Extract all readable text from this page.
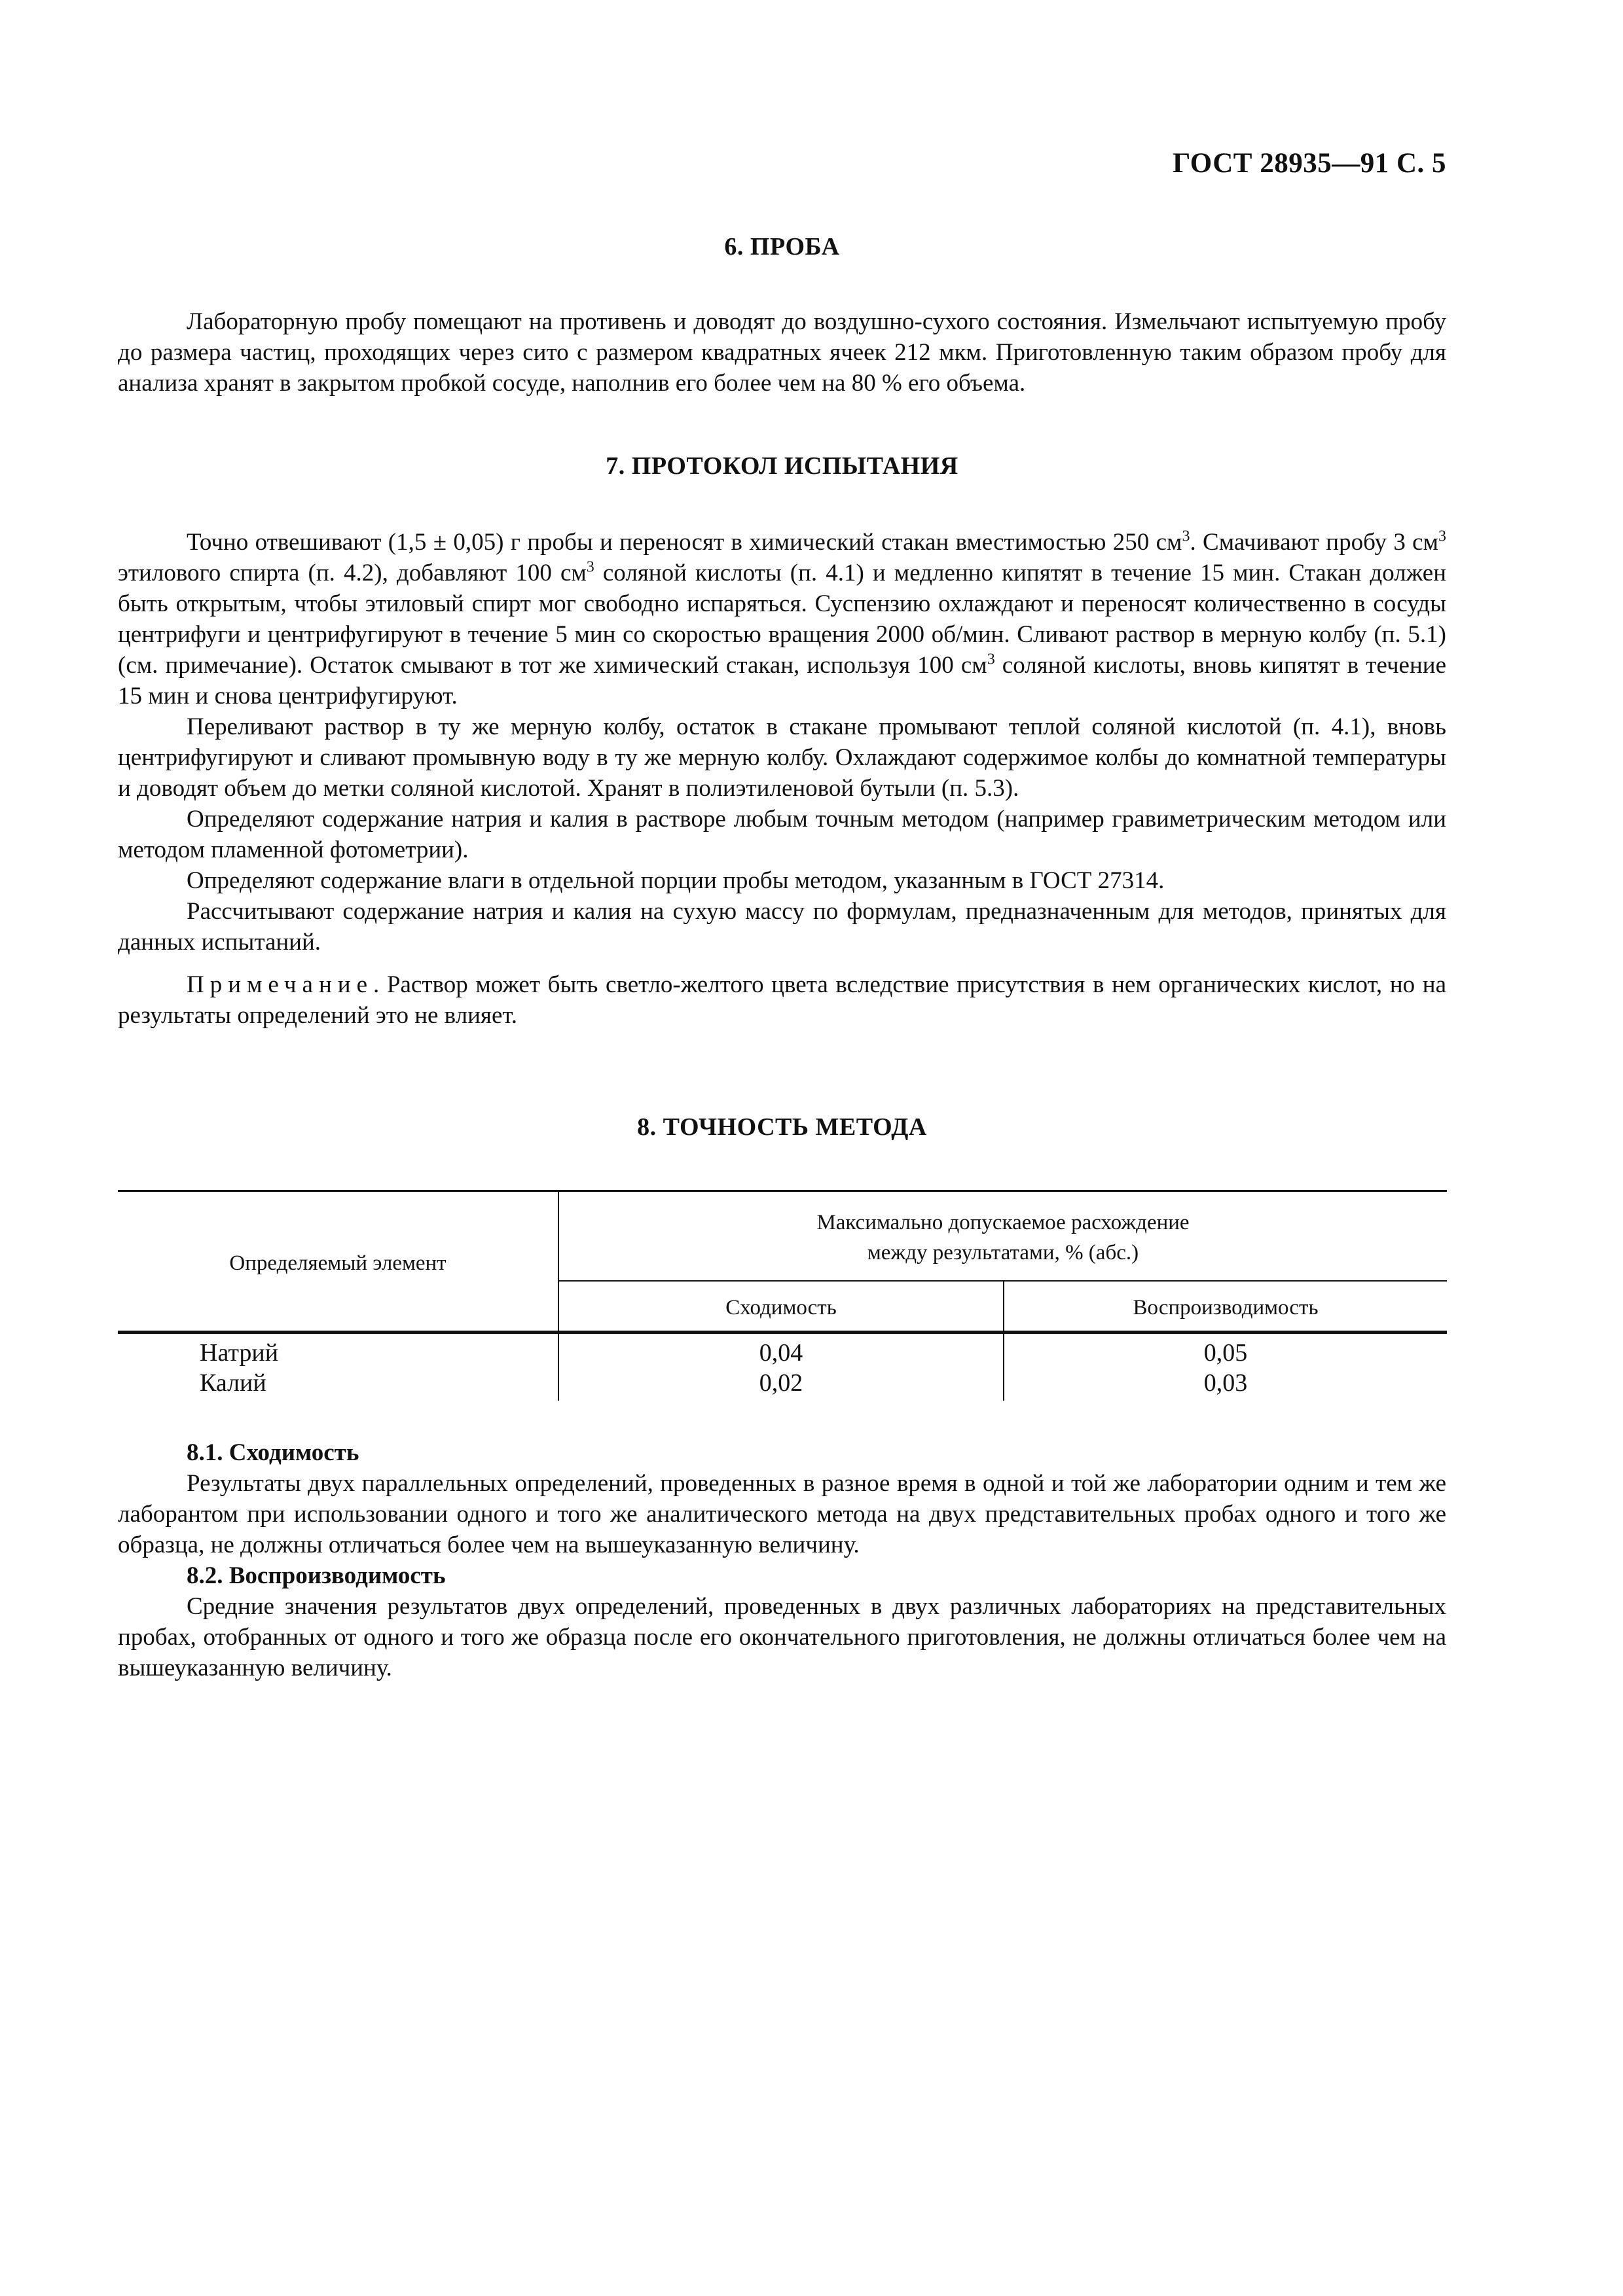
ГОСТ 28935—91 С. 5
6. ПРОБА

Лабораторную пробу помещают на противень и доводят до воздушно-сухого состояния. Измельчают испытуемую пробу до размера частиц, проходящих через сито с размером квадратных ячеек 212 мкм. Приготовленную таким образом пробу для анализа хранят в закрытом пробкой сосуде, наполнив его более чем на 80 % его объема.

7. ПРОТОКОЛ ИСПЫТАНИЯ

Точно отвешивают (1,5 ± 0,05) г пробы и переносят в химический стакан вместимостью 250 $см^3$. Смачивают пробу 3 $см^3$ этилового спирта (п. 4.2), добавляют 100 $см^3$ соляной кислоты (п. 4.1) и медленно кипятят в течение 15 мин. Стакан должен быть открытым, чтобы этиловый спирт мог свободно испаряться. Суспензию охлаждают и переносят количественно в сосуды центрифуги и центрифугируют в течение 5 мин со скоростью вращения 2000 об/мин. Сливают раствор в мерную колбу (п. 5.1) (см. примечание). Остаток смывают в тот же химический стакан, используя 100 $см^3$ соляной кислоты, вновь кипятят в течение 15 мин и снова центрифугируют.

Переливают раствор в ту же мерную колбу, остаток в стакане промывают теплой соляной кислотой (п. 4.1), вновь центрифугируют и сливают промывную воду в ту же мерную колбу. Охлаждают содержимое колбы до комнатной температуры и доводят объем до метки соляной кислотой. Хранят в полиэтиленовой бутыли (п. 5.3).

Определяют содержание натрия и калия в растворе любым точным методом (например гравиметрическим методом или методом пламенной фотометрии).

Определяют содержание влаги в отдельной порции пробы методом, указанным в ГОСТ 27314.

Рассчитывают содержание натрия и калия на сухую массу по формулам, предназначенным для методов, принятых для данных испытаний.

Примечание. Раствор может быть светло-желтого цвета вследствие присутствия в нем органических кислот, но на результаты определений это не влияет.

8. ТОЧНОСТЬ МЕТОДА
Определяемый элемент
Максимально допускаемое расхождение
между результатами, % (абс.)
Сходимость	Воспроизводимость
Натрий	0,04	0,05
Калий	0,02	0,03

8.1. Сходимость

Результаты двух параллельных определений, проведенных в разное время в одной и той же лаборатории одним и тем же лаборантом при использовании одного и того же аналитического метода на двух представительных пробах одного и того же образца, не должны отличаться более чем на вышеуказанную величину.

8.2. Воспроизводимость

Средние значения результатов двух определений, проведенных в двух различных лабораториях на представительных пробах, отобранных от одного и того же образца после его окончательного приготовления, не должны отличаться более чем на вышеуказанную величину.
